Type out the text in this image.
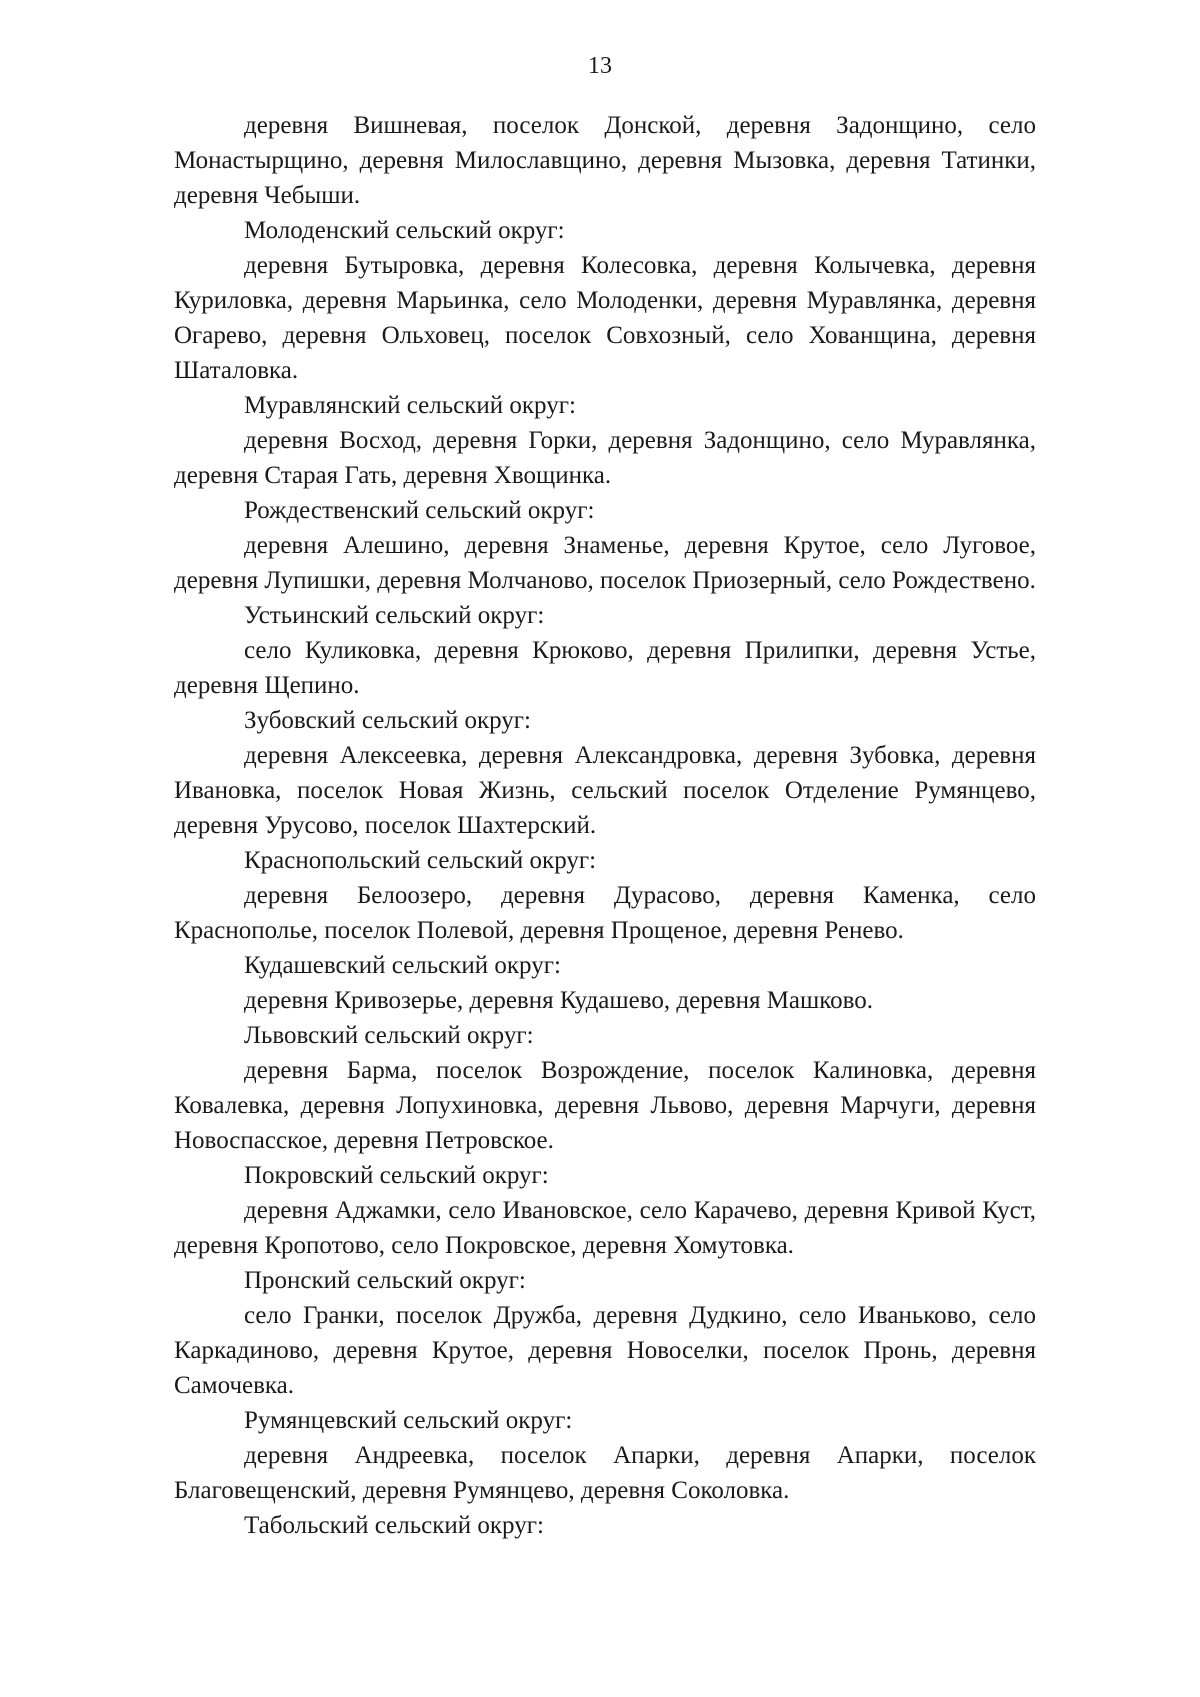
13

деревня Вишневая, поселок Донской, деревня Задонщино, село Монастырщино, деревня Милославщино, деревня Мызовка, деревня Татинки, деревня Чебыши.

Молоденский сельский округ:

деревня Бутыровка, деревня Колесовка, деревня Колычевка, деревня Куриловка, деревня Марьинка, село Молоденки, деревня Муравлянка, деревня Огарево, деревня Ольховец, поселок Совхозный, село Хованщина, деревня Шаталовка.

Муравлянский сельский округ:

деревня Восход, деревня Горки, деревня Задонщино, село Муравлянка, деревня Старая Гать, деревня Хвощинка.

Рождественский сельский округ:

деревня Алешино, деревня Знаменье, деревня Крутое, село Луговое, деревня Лупишки, деревня Молчаново, поселок Приозерный, село Рождествено.

Устьинский сельский округ:

село Куликовка, деревня Крюково, деревня Прилипки, деревня Устье, деревня Щепино.

Зубовский сельский округ:

деревня Алексеевка, деревня Александровка, деревня Зубовка, деревня Ивановка, поселок Новая Жизнь, сельский поселок Отделение Румянцево, деревня Урусово, поселок Шахтерский.

Краснопольский сельский округ:

деревня Белоозеро, деревня Дурасово, деревня Каменка, село Краснополье, поселок Полевой, деревня Прощеное, деревня Ренево.

Кудашевский сельский округ:

деревня Кривозерье, деревня Кудашево, деревня Машково.

Львовский сельский округ:

деревня Барма, поселок Возрождение, поселок Калиновка, деревня Ковалевка, деревня Лопухиновка, деревня Львово, деревня Марчуги, деревня Новоспасское, деревня Петровское.

Покровский сельский округ:

деревня Аджамки, село Ивановское, село Карачево, деревня Кривой Куст, деревня Кропотово, село Покровское, деревня Хомутовка.

Пронский сельский округ:

село Гранки, поселок Дружба, деревня Дудкино, село Иваньково, село Каркадиново, деревня Крутое, деревня Новоселки, поселок Пронь, деревня Самочевка.

Румянцевский сельский округ:

деревня Андреевка, поселок Апарки, деревня Апарки, поселок Благовещенский, деревня Румянцево, деревня Соколовка.

Табольский сельский округ:
